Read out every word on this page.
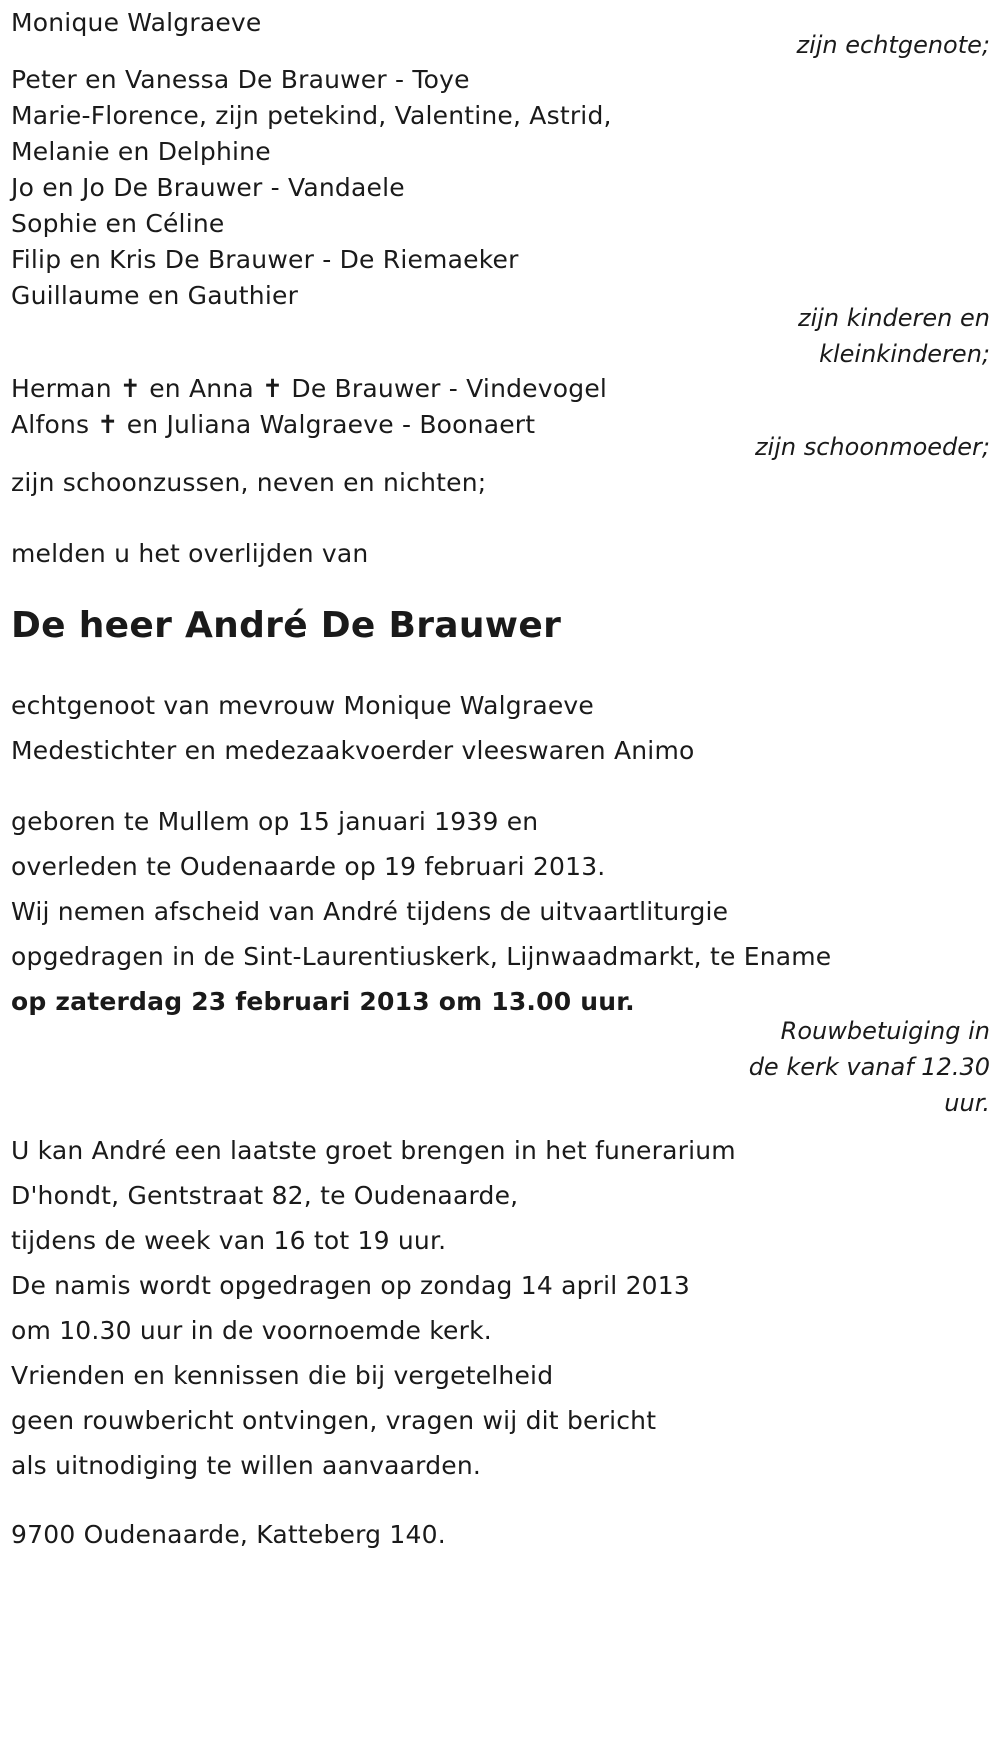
Monique Walgraeve
zijn echtgenote;
Peter en Vanessa De Brauwer - Toye
Marie-Florence, zijn petekind, Valentine, Astrid,
Melanie en Delphine
Jo en Jo De Brauwer - Vandaele
Sophie en Céline
Filip en Kris De Brauwer - De Riemaeker
Guillaume en Gauthier
zijn kinderen en
kleinkinderen;
Herman ✝ en Anna ✝ De Brauwer - Vindevogel
Alfons ✝ en Juliana Walgraeve - Boonaert
zijn schoonmoeder;
zijn schoonzussen, neven en nichten;
melden u het overlijden van
De heer André De Brauwer
echtgenoot van mevrouw Monique Walgraeve
Medestichter en medezaakvoerder vleeswaren Animo
geboren te Mullem op 15 januari 1939 en
overleden te Oudenaarde op 19 februari 2013.
Wij nemen afscheid van André tijdens de uitvaartliturgie
opgedragen in de Sint-Laurentiuskerk, Lijnwaadmarkt, te Ename
op zaterdag 23 februari 2013 om 13.00 uur.
Rouwbetuiging in
de kerk vanaf 12.30
uur.
U kan André een laatste groet brengen in het funerarium
D'hondt, Gentstraat 82, te Oudenaarde,
tijdens de week van 16 tot 19 uur.
De namis wordt opgedragen op zondag 14 april 2013
om 10.30 uur in de voornoemde kerk.
Vrienden en kennissen die bij vergetelheid
geen rouwbericht ontvingen, vragen wij dit bericht
als uitnodiging te willen aanvaarden.
9700 Oudenaarde, Katteberg 140.
